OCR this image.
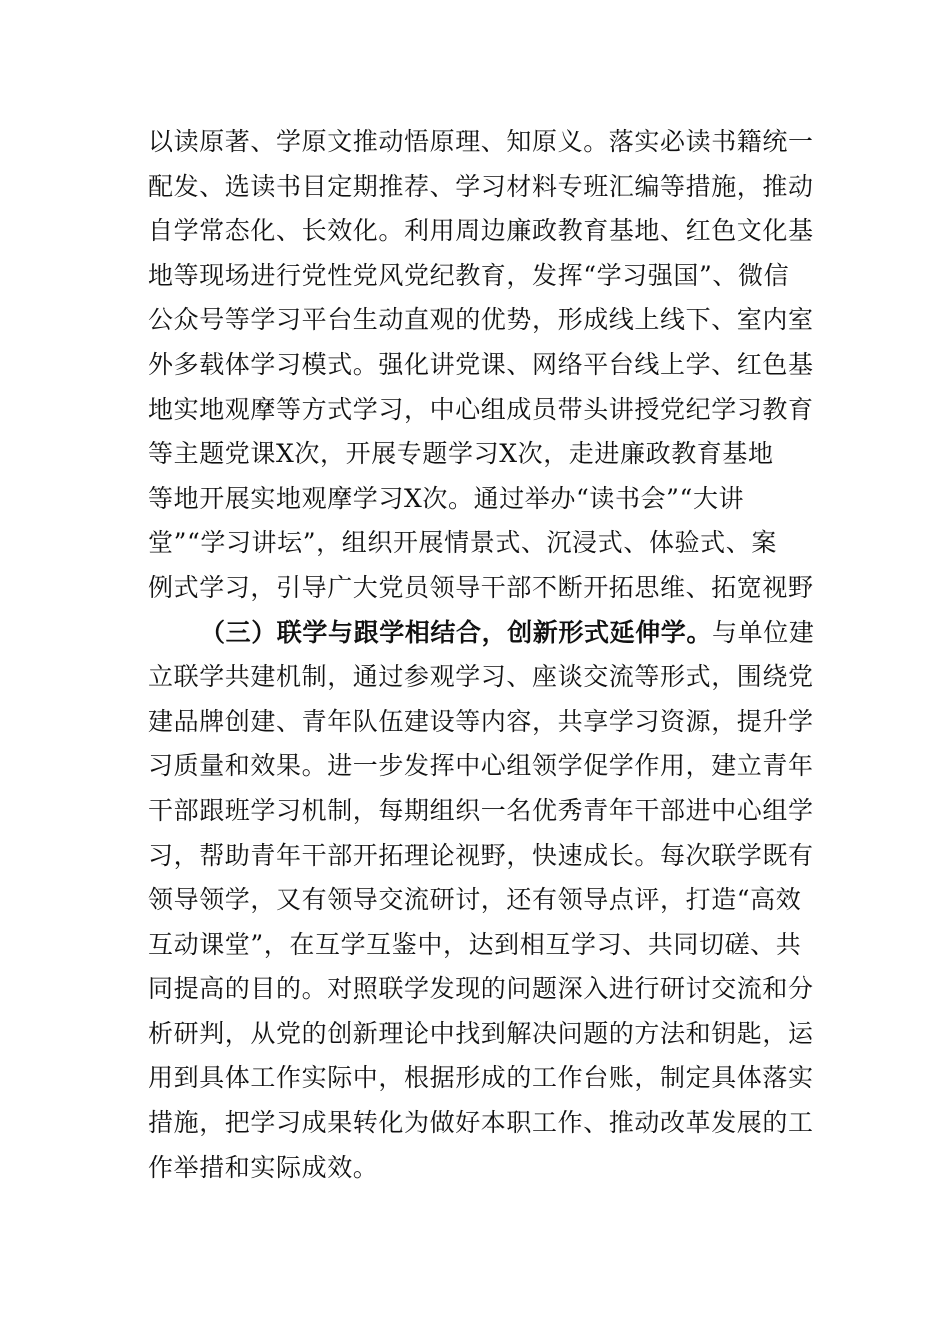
以读原著、学原文推动悟原理、知原义。落实必读书籍统一
配发、选读书目定期推荐、学习材料专班汇编等措施，推动
自学常态化、长效化。利用周边廉政教育基地、红色文化基
地等现场进行党性党风党纪教育，发挥“学习强国”、微信
公众号等学习平台生动直观的优势，形成线上线下、室内室
外多载体学习模式。强化讲党课、网络平台线上学、红色基
地实地观摩等方式学习，中心组成员带头讲授党纪学习教育
等主题党课X次，开展专题学习X次，走进廉政教育基地
等地开展实地观摩学习X次。通过举办“读书会”“大讲
堂”“学习讲坛”，组织开展情景式、沉浸式、体验式、案
例式学习，引导广大党员领导干部不断开拓思维、拓宽视野
（三）联学与跟学相结合，创新形式延伸学。与单位建
立联学共建机制，通过参观学习、座谈交流等形式，围绕党
建品牌创建、青年队伍建设等内容，共享学习资源，提升学
习质量和效果。进一步发挥中心组领学促学作用，建立青年
干部跟班学习机制，每期组织一名优秀青年干部进中心组学
习，帮助青年干部开拓理论视野，快速成长。每次联学既有
领导领学，又有领导交流研讨，还有领导点评，打造“高效
互动课堂”，在互学互鉴中，达到相互学习、共同切磋、共
同提高的目的。对照联学发现的问题深入进行研讨交流和分
析研判，从党的创新理论中找到解决问题的方法和钥匙，运
用到具体工作实际中，根据形成的工作台账，制定具体落实
措施，把学习成果转化为做好本职工作、推动改革发展的工
作举措和实际成效。
